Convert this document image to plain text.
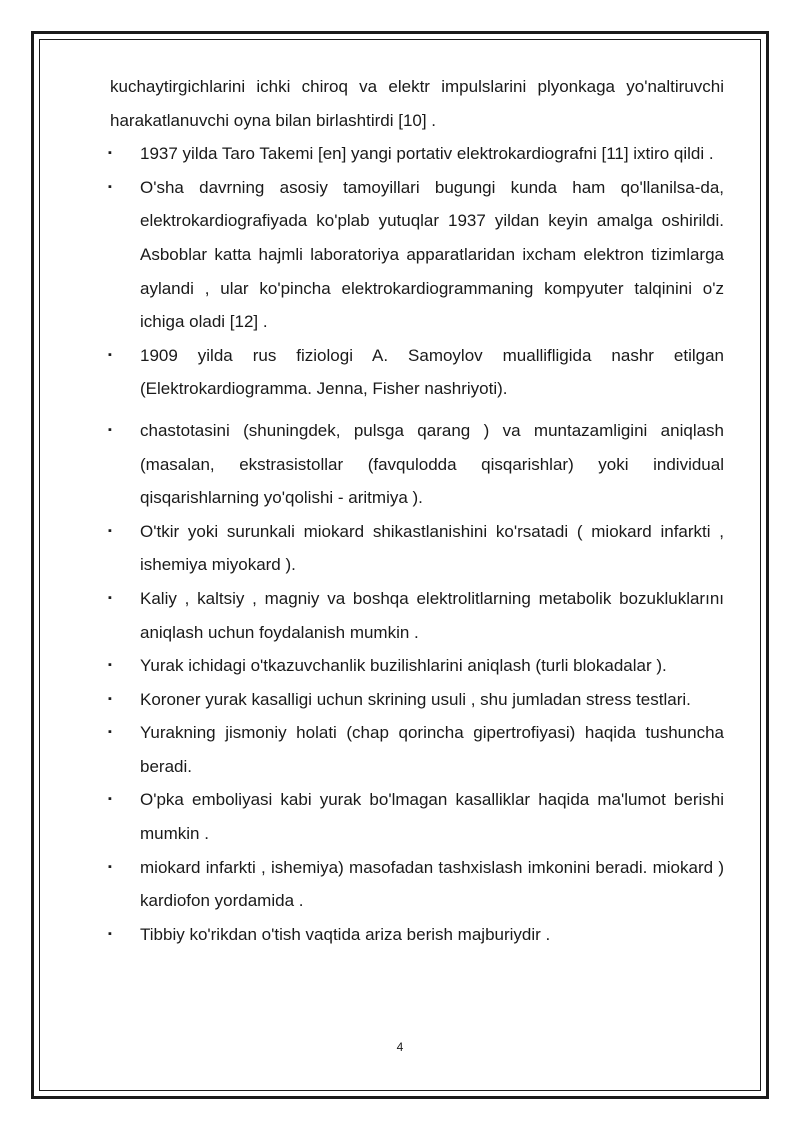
kuchaytirgichlarini ichki chiroq va elektr impulslarini plyonkaga yo'naltiruvchi harakatlanuvchi oyna bilan birlashtirdi [10] .

▪ 1937 yilda Taro Takemi [en] yangi portativ elektrokardiografni [11] ixtiro qildi .

▪ O'sha davrning asosiy tamoyillari bugungi kunda ham qo'llanilsa-da, elektrokardiografiyada ko'plab yutuqlar 1937 yildan keyin amalga oshirildi. Asboblar katta hajmli laboratoriya apparatlaridan ixcham elektron tizimlarga aylandi , ular ko'pincha elektrokardiogrammaning kompyuter talqinini o'z ichiga oladi [12] .

▪ 1909 yilda rus fiziologi A. Samoylov muallifligida nashr etilgan (Elektrokardiogramma. Jenna, Fisher nashriyoti).

▪ chastotasini (shuningdek, pulsga qarang ) va muntazamligini aniqlash (masalan, ekstrasistollar (favqulodda qisqarishlar) yoki individual qisqarishlarning yo'qolishi - aritmiya ).

▪ O'tkir yoki surunkali miokard shikastlanishini ko'rsatadi ( miokard infarkti , ishemiya miyokard ).

▪ Kaliy , kaltsiy , magniy va boshqa elektrolitlarning metabolik bozukluklarını aniqlash uchun foydalanish mumkin .

▪ Yurak ichidagi o'tkazuvchanlik buzilishlarini aniqlash (turli blokadalar ).

▪ Koroner yurak kasalligi uchun skrining usuli , shu jumladan stress testlari.

▪ Yurakning jismoniy holati (chap qorincha gipertrofiyasi) haqida tushuncha beradi.

▪ O'pka emboliyasi kabi yurak bo'lmagan kasalliklar haqida ma'lumot berishi mumkin .

▪ miokard infarkti , ishemiya) masofadan tashxislash imkonini beradi. miokard ) kardiofon yordamida .

▪ Tibbiy ko'rikdan o'tish vaqtida ariza berish majburiydir .

4
